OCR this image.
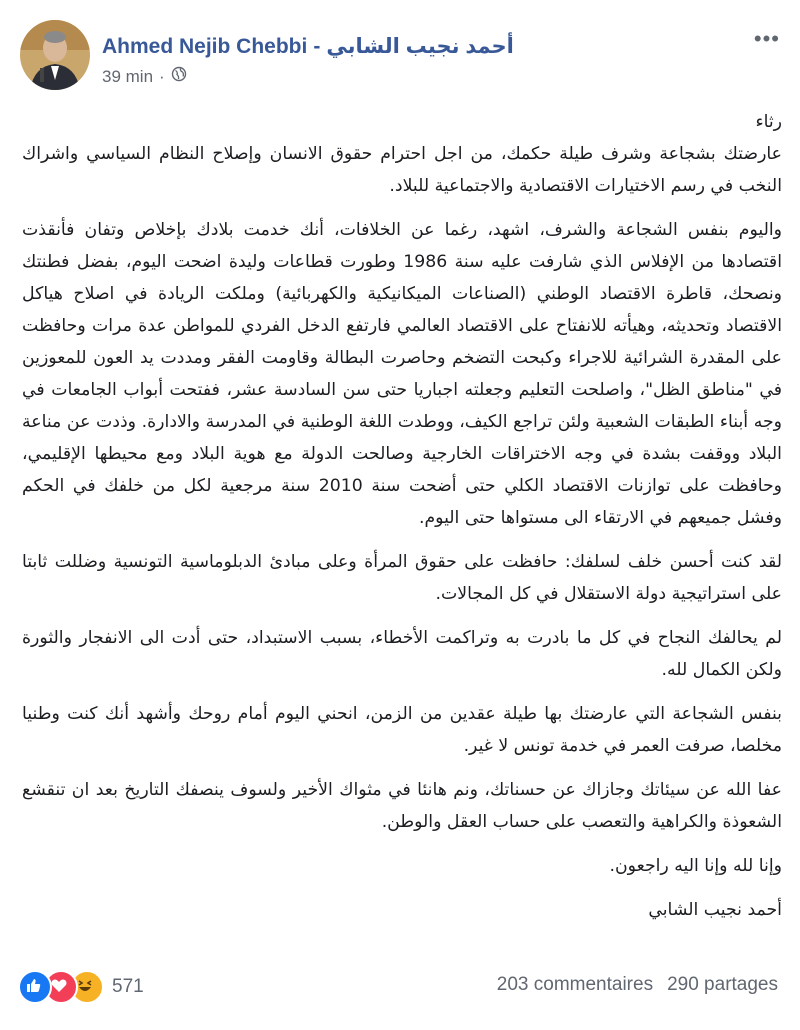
Ahmed Nejib Chebbi - أحمد نجيب الشابي
39 min ·
•••

رثاء

عارضتك بشجاعة وشرف طيلة حكمك، من اجل احترام حقوق الانسان وإصلاح النظام السياسي واشراك النخب في رسم الاختيارات الاقتصادية والاجتماعية للبلاد.

واليوم بنفس الشجاعة والشرف، اشهد، رغما عن الخلافات، أنك خدمت بلادك بإخلاص وتفان فأنقذت اقتصادها من الإفلاس الذي شارفت عليه سنة 1986 وطورت قطاعات وليدة اضحت اليوم، بفضل فطنتك ونصحك، قاطرة الاقتصاد الوطني (الصناعات الميكانيكية والكهربائية) وملكت الريادة في اصلاح هياكل الاقتصاد وتحديثه، وهيأته للانفتاح على الاقتصاد العالمي فارتفع الدخل الفردي للمواطن عدة مرات وحافظت على المقدرة الشرائية للاجراء وكبحت التضخم وحاصرت البطالة وقاومت الفقر ومددت يد العون للمعوزين في "مناطق الظل"، واصلحت التعليم وجعلته اجباريا حتى سن السادسة عشر، ففتحت أبواب الجامعات في وجه أبناء الطبقات الشعبية ولئن تراجع الكيف، ووطدت اللغة الوطنية في المدرسة والادارة. وذدت عن مناعة البلاد ووقفت بشدة في وجه الاختراقات الخارجية وصالحت الدولة مع هوية البلاد ومع محيطها الإقليمي، وحافظت على توازنات الاقتصاد الكلي حتى أضحت سنة 2010 سنة مرجعية لكل من خلفك في الحكم وفشل جميعهم في الارتقاء الى مستواها حتى اليوم.

لقد كنت أحسن خلف لسلفك: حافظت على حقوق المرأة وعلى مبادئ الدبلوماسية التونسية وضللت ثابتا على استراتيجية دولة الاستقلال في كل المجالات.

لم يحالفك النجاح في كل ما بادرت به وتراكمت الأخطاء، بسبب الاستبداد، حتى أدت الى الانفجار والثورة ولكن الكمال لله.

بنفس الشجاعة التي عارضتك بها طيلة عقدين من الزمن، انحني اليوم أمام روحك وأشهد أنك كنت وطنيا مخلصا، صرفت العمر في خدمة تونس لا غير.

عفا الله عن سيئاتك وجازاك عن حسناتك، ونم هانئا في مثواك الأخير ولسوف ينصفك التاريخ بعد ان تنقشع الشعوذة والكراهية والتعصب على حساب العقل والوطن.

وإنا لله وإنا اليه راجعون.

أحمد نجيب الشابي

571	203 commentaires 290 partages
